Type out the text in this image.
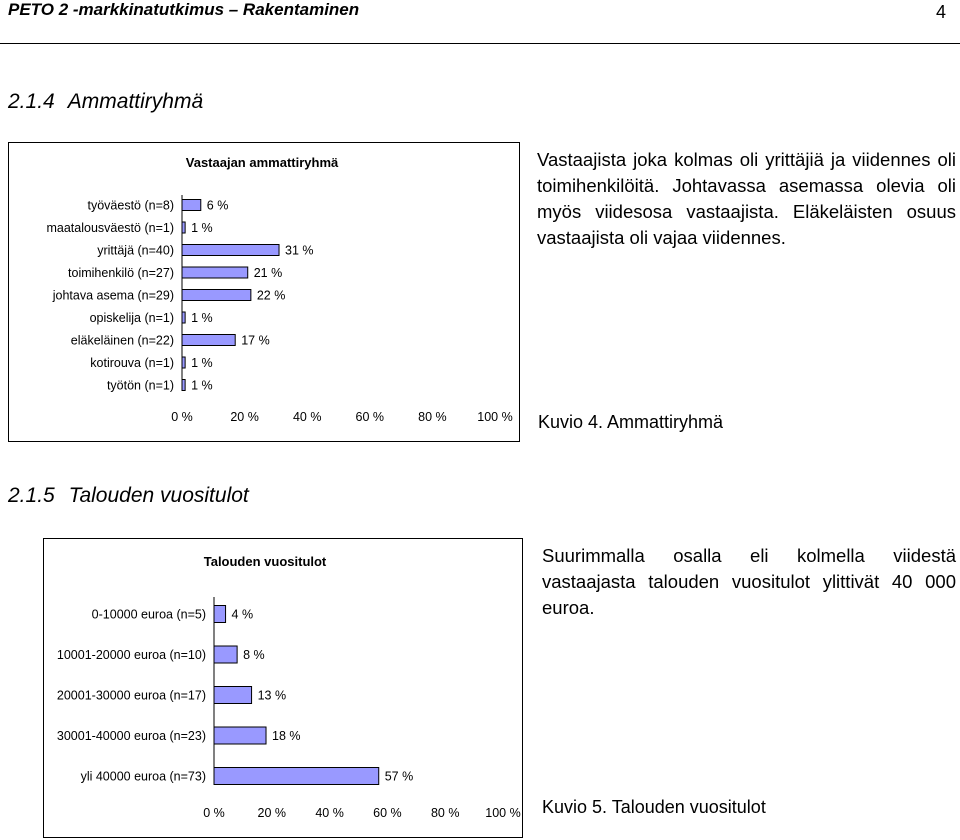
PETO 2 -markkinatutkimus – Rakentaminen	4
2.1.4 Ammattiryhmä
Vastaajan ammattiryhmä
työväestö (n=8)	6 %
maatalousväestö (n=1) 1 %
yrittäjä (n=40)	31 %
toimihenkilö (n=27)	21 %
johtava asema (n=29)	22 %
opiskelija (n=1) 1 %
eläkeläinen (n=22)	17 %
kotirouva (n=1) 1 %
työtön (n=1) 1 %
0 %	20 %	40 %	60 %	80 % 100 %
Vastaajista joka kolmas oli yrittäjiä ja viidennes oli toimihenkilöitä. Johtavassa asemassa olevia oli myös viidesosa vastaajista. Eläkeläisten osuus vastaajista oli vajaa viidennes.
Kuvio 4. Ammattiryhmä
2.1.5 Talouden vuositulot
Talouden vuositulot
0-10000 euroa (n=5) 4 %
10001-20000 euroa (n=10)	8 %
20001-30000 euroa (n=17)	13 %
30001-40000 euroa (n=23)	18 %
yli 40000 euroa (n=73)	57 %
0 %	20 % 40 % 60 % 80 % 100 %
Suurimmalla osalla eli kolmella viidestä vastaajasta talouden vuositulot ylittivät 40 000 euroa.
Kuvio 5. Talouden vuositulot
